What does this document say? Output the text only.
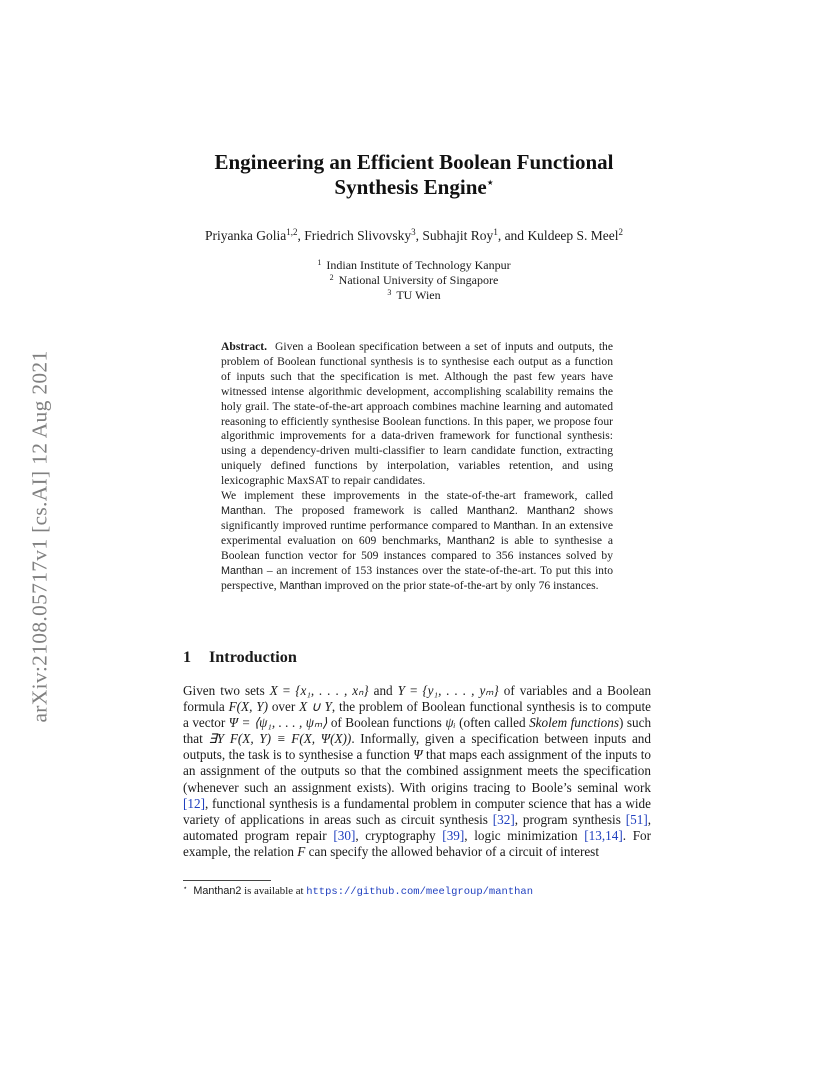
arXiv:2108.05717v1 [cs.AI] 12 Aug 2021
Engineering an Efficient Boolean Functional
Synthesis Engine⋆
Priyanka Golia$^{1,2}$, Friedrich Slivovsky$^3$, Subhajit Roy$^1$, and Kuldeep S. Meel$^2$
$^1$ Indian Institute of Technology Kanpur
$^2$ National University of Singapore
$^3$ TU Wien

Abstract. Given a Boolean specification between a set of inputs and outputs, the problem of Boolean functional synthesis is to synthesise each output as a function of inputs such that the specification is met. Although the past few years have witnessed intense algorithmic development, accomplishing scalability remains the holy grail. The state-of-the-art approach combines machine learning and automated reasoning to efficiently synthesise Boolean functions. In this paper, we propose four algorithmic improvements for a data-driven framework for functional synthesis: using a dependency-driven multi-classifier to learn candidate function, extracting uniquely defined functions by interpolation, variables retention, and using lexicographic MaxSAT to repair candidates.

We implement these improvements in the state-of-the-art framework, called Manthan. The proposed framework is called Manthan2. Manthan2 shows significantly improved runtime performance compared to Manthan. In an extensive experimental evaluation on 609 benchmarks, Manthan2 is able to synthesise a Boolean function vector for 509 instances compared to 356 instances solved by Manthan – an increment of 153 instances over the state-of-the-art. To put this into perspective, Manthan improved on the prior state-of-the-art by only 76 instances.

1 Introduction

Given two sets X = {x₁, . . . , xₙ} and Y = {y₁, . . . , yₘ} of variables and a Boolean formula F(X, Y) over X ∪ Y, the problem of Boolean functional synthesis is to compute a vector Ψ = ⟨ψ₁, . . . , ψₘ⟩ of Boolean functions ψᵢ (often called Skolem functions) such that ∃Y F(X, Y) ≡ F(X, Ψ(X)). Informally, given a specification between inputs and outputs, the task is to synthesise a function Ψ that maps each assignment of the inputs to an assignment of the outputs so that the combined assignment meets the specification (whenever such an assignment exists). With origins tracing to Boole’s seminal work [12], functional synthesis is a fundamental problem in computer science that has a wide variety of applications in areas such as circuit synthesis [32], program synthesis [51], automated program repair [30], cryptography [39], logic minimization [13,14]. For example, the relation F can specify the allowed behavior of a circuit of interest

⋆ Manthan2 is available at https://github.com/meelgroup/manthan
